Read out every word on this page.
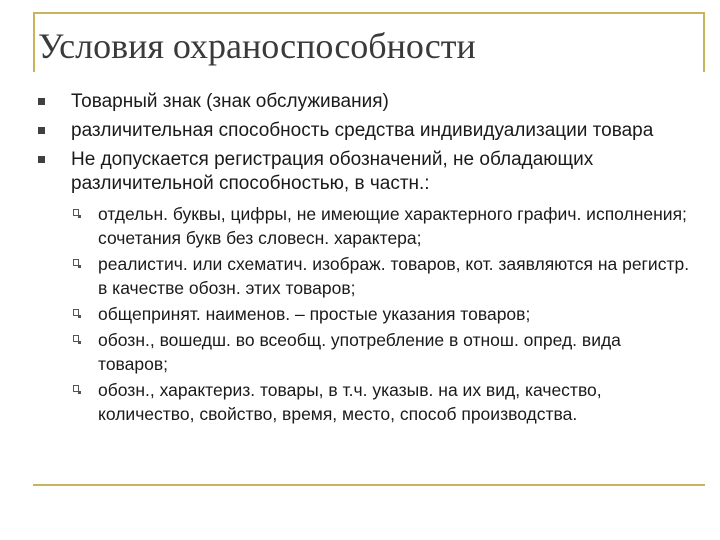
Условия охраноспособности
Товарный знак (знак обслуживания)
различительная способность средства индивидуализации товара
Не допускается регистрация обозначений, не обладающих различительной способностью, в частн.:
отдельн. буквы, цифры, не имеющие характерного графич. исполнения; сочетания букв без словесн. характера;
реалистич. или схематич. изображ. товаров, кот. заявляются на регистр. в качестве обозн. этих товаров;
общепринят. наименов. – простые указания товаров;
обозн., вошедш. во всеобщ. употребление в отнош. опред. вида товаров;
обозн., характериз. товары, в т.ч. указыв. на их вид, качество, количество, свойство, время, место, способ производства.
